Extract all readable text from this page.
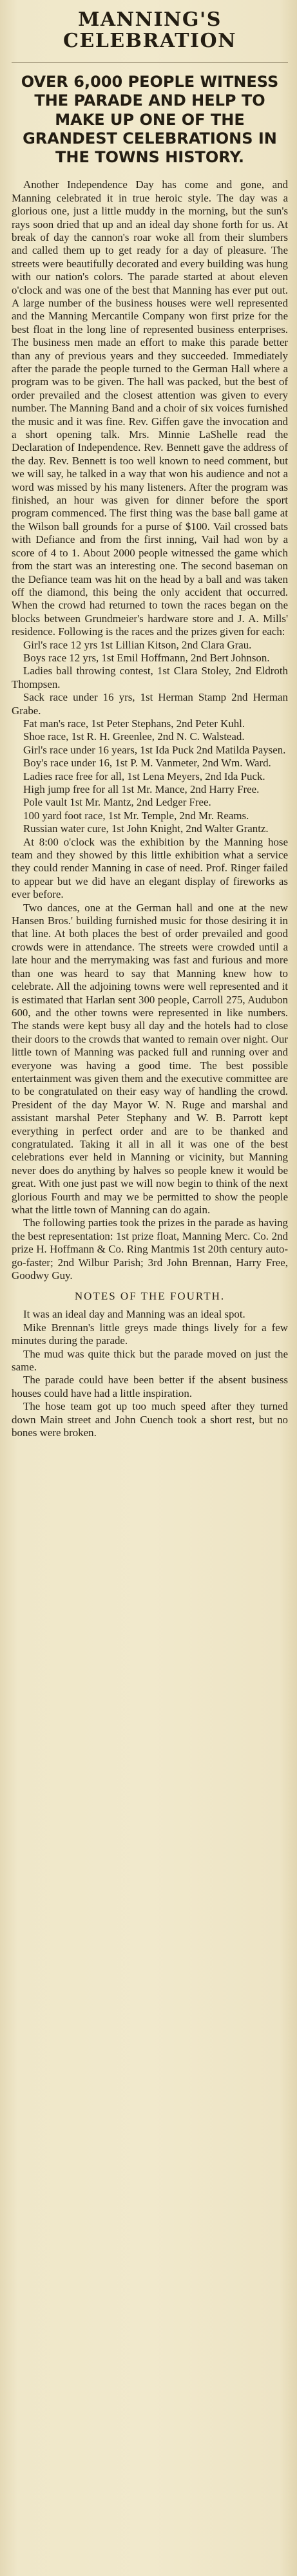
MANNING'S CELEBRATION
OVER 6,000 PEOPLE WITNESS THE PARADE AND HELP TO MAKE UP ONE OF THE GRANDEST CELEBRATIONS IN THE TOWNS HISTORY.

Another Independence Day has come and gone, and Manning celebrated it in true heroic style. The day was a glorious one, just a little muddy in the morning, but the sun's rays soon dried that up and an ideal day shone forth for us. At break of day the cannon's roar woke all from their slumbers and called them up to get ready for a day of pleasure. The streets were beautifully decorated and every building was hung with our nation's colors. The parade started at about eleven o'clock and was one of the best that Manning has ever put out. A large number of the business houses were well represented and the Manning Mercantile Company won first prize for the best float in the long line of represented business enterprises. The business men made an effort to make this parade better than any of previous years and they succeeded. Immediately after the parade the people turned to the German Hall where a program was to be given. The hall was packed, but the best of order prevailed and the closest attention was given to every number. The Manning Band and a choir of six voices furnished the music and it was fine. Rev. Giffen gave the invocation and a short opening talk. Mrs. Minnie LaShelle read the Declaration of Independence. Rev. Bennett gave the address of the day. Rev. Bennett is too well known to need comment, but we will say, he talked in a way that won his audience and not a word was missed by his many listeners. After the program was finished, an hour was given for dinner before the sport program commenced. The first thing was the base ball game at the Wilson ball grounds for a purse of $100. Vail crossed bats with Defiance and from the first inning, Vail had won by a score of 4 to 1. About 2000 people witnessed the game which from the start was an interesting one. The second baseman on the Defiance team was hit on the head by a ball and was taken off the diamond, this being the only accident that occurred. When the crowd had returned to town the races began on the blocks between Grundmeier's hardware store and J. A. Mills' residence. Following is the races and the prizes given for each:

Girl's race 12 yrs 1st Lillian Kitson, 2nd Clara Grau.

Boys race 12 yrs, 1st Emil Hoffmann, 2nd Bert Johnson.

Ladies ball throwing contest, 1st Clara Stoley, 2nd Eldroth Thompsen.

Sack race under 16 yrs, 1st Herman Stamp 2nd Herman Grabe.

Fat man's race, 1st Peter Stephans, 2nd Peter Kuhl.

Shoe race, 1st R. H. Greenlee, 2nd N. C. Walstead.

Girl's race under 16 years, 1st Ida Puck 2nd Matilda Paysen.

Boy's race under 16, 1st P. M. Vanmeter, 2nd Wm. Ward.

Ladies race free for all, 1st Lena Meyers, 2nd Ida Puck.

High jump free for all 1st Mr. Mance, 2nd Harry Free.

Pole vault 1st Mr. Mantz, 2nd Ledger Free.

100 yard foot race, 1st Mr. Temple, 2nd Mr. Reams.

Russian water cure, 1st John Knight, 2nd Walter Grantz.

At 8:00 o'clock was the exhibition by the Manning hose team and they showed by this little exhibition what a service they could render Manning in case of need. Prof. Ringer failed to appear but we did have an elegant display of fireworks as ever before.

Two dances, one at the German hall and one at the new Hansen Bros.' building furnished music for those desiring it in that line. At both places the best of order prevailed and good crowds were in attendance. The streets were crowded until a late hour and the merrymaking was fast and furious and more than one was heard to say that Manning knew how to celebrate. All the adjoining towns were well represented and it is estimated that Harlan sent 300 people, Carroll 275, Audubon 600, and the other towns were represented in like numbers. The stands were kept busy all day and the hotels had to close their doors to the crowds that wanted to remain over night. Our little town of Manning was packed full and running over and everyone was having a good time. The best possible entertainment was given them and the executive committee are to be congratulated on their easy way of handling the crowd. President of the day Mayor W. N. Ruge and marshal and assistant marshal Peter Stephany and W. B. Parrott kept everything in perfect order and are to be thanked and congratulated. Taking it all in all it was one of the best celebrations ever held in Manning or vicinity, but Manning never does do anything by halves so people knew it would be great. With one just past we will now begin to think of the next glorious Fourth and may we be permitted to show the people what the little town of Manning can do again.

The following parties took the prizes in the parade as having the best representation: 1st prize float, Manning Merc. Co. 2nd prize H. Hoffmann & Co. Ring Mantmis 1st 20th century auto-go-faster; 2nd Wilbur Parish; 3rd John Brennan, Harry Free, Goodwy Guy.

NOTES OF THE FOURTH.

It was an ideal day and Manning was an ideal spot.

Mike Brennan's little greys made things lively for a few minutes during the parade.

The mud was quite thick but the parade moved on just the same.

The parade could have been better if the absent business houses could have had a little inspiration.

The hose team got up too much speed after they turned down Main street and John Cuench took a short rest, but no bones were broken.
